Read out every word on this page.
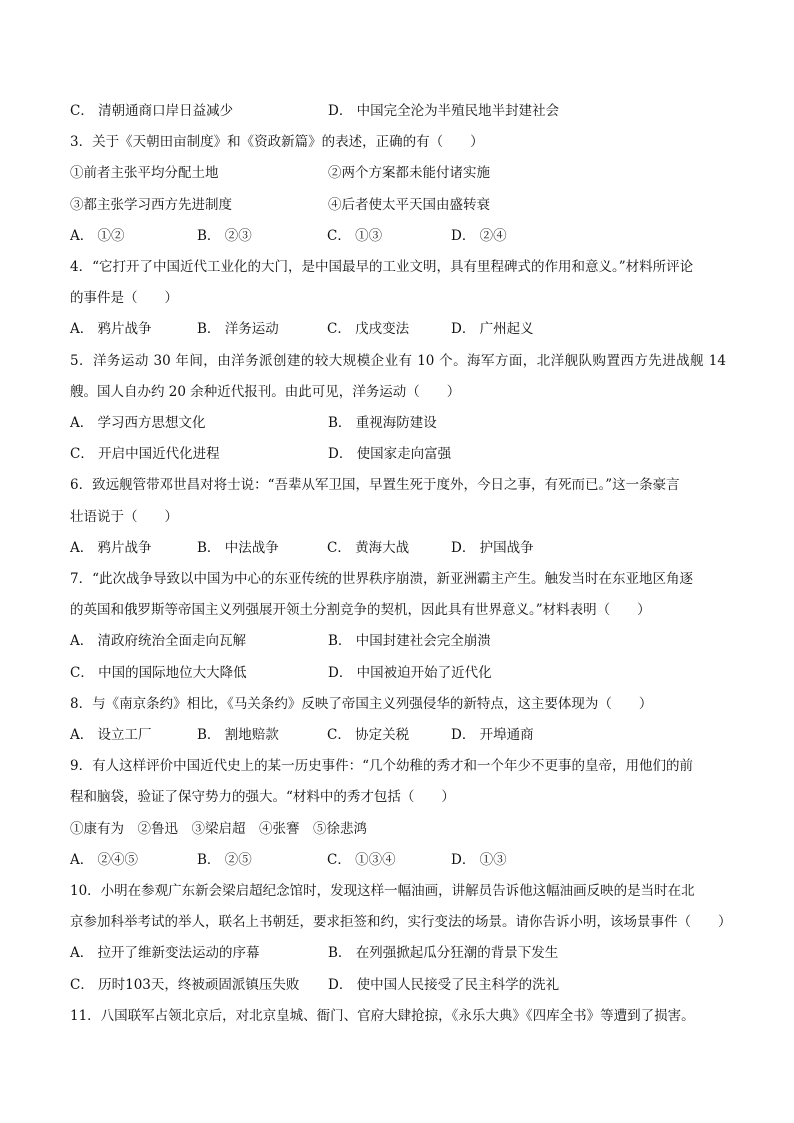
C． 清朝通商口岸日益减少	D． 中国完全沦为半殖民地半封建社会
3．关于《天朝田亩制度》和《资政新篇》的表述，正确的有（　　）
①前者主张平均分配土地	②两个方案都未能付诸实施
③都主张学习西方先进制度	④后者使太平天国由盛转衰
A． ①②	B． ②③	C． ①③	D． ②④
4．“它打开了中国近代工业化的大门，是中国最早的工业文明，具有里程碑式的作用和意义。”材料所评论
的事件是（　　）
A． 鸦片战争	B． 洋务运动	C． 戊戌变法	D． 广州起义
5．洋务运动 30 年间，由洋务派创建的较大规模企业有 10 个。海军方面，北洋舰队购置西方先进战舰 14
艘。国人自办约 20 余种近代报刊。由此可见，洋务运动（　　）
A． 学习西方思想文化	B． 重视海防建设
C． 开启中国近代化进程	D． 使国家走向富强
6．致远舰管带邓世昌对将士说：“吾辈从军卫国，早置生死于度外，今日之事，有死而已。”这一条豪言
壮语说于（　　）
A． 鸦片战争	B． 中法战争	C． 黄海大战	D． 护国战争
7．“此次战争导致以中国为中心的东亚传统的世界秩序崩溃，新亚洲霸主产生。触发当时在东亚地区角逐
的英国和俄罗斯等帝国主义列强展开领土分割竞争的契机，因此具有世界意义。”材料表明（　　）
A． 清政府统治全面走向瓦解	B． 中国封建社会完全崩溃
C． 中国的国际地位大大降低	D． 中国被迫开始了近代化
8．与《南京条约》相比，《马关条约》反映了帝国主义列强侵华的新特点，这主要体现为（　　）
A． 设立工厂	B． 割地赔款	C． 协定关税	D． 开埠通商
9．有人这样评价中国近代史上的某一历史事件：“几个幼稚的秀才和一个年少不更事的皇帝，用他们的前
程和脑袋，验证了保守势力的强大。“材料中的秀才包括（　　）
①康有为　②鲁迅　③梁启超　④张謇　⑤徐悲鸿
A． ②④⑤	B． ②⑤	C． ①③④	D． ①③
10．小明在参观广东新会梁启超纪念馆时，发现这样一幅油画，讲解员告诉他这幅油画反映的是当时在北
京参加科举考试的举人，联名上书朝廷，要求拒签和约，实行变法的场景。请你告诉小明，该场景事件（　　）
A． 拉开了维新变法运动的序幕	B． 在列强掀起瓜分狂潮的背景下发生
C． 历时103天，终被顽固派镇压失败 D． 使中国人民接受了民主科学的洗礼
11．八国联军占领北京后，对北京皇城、衙门、官府大肆抢掠，《永乐大典》《四库全书》等遭到了损害。
